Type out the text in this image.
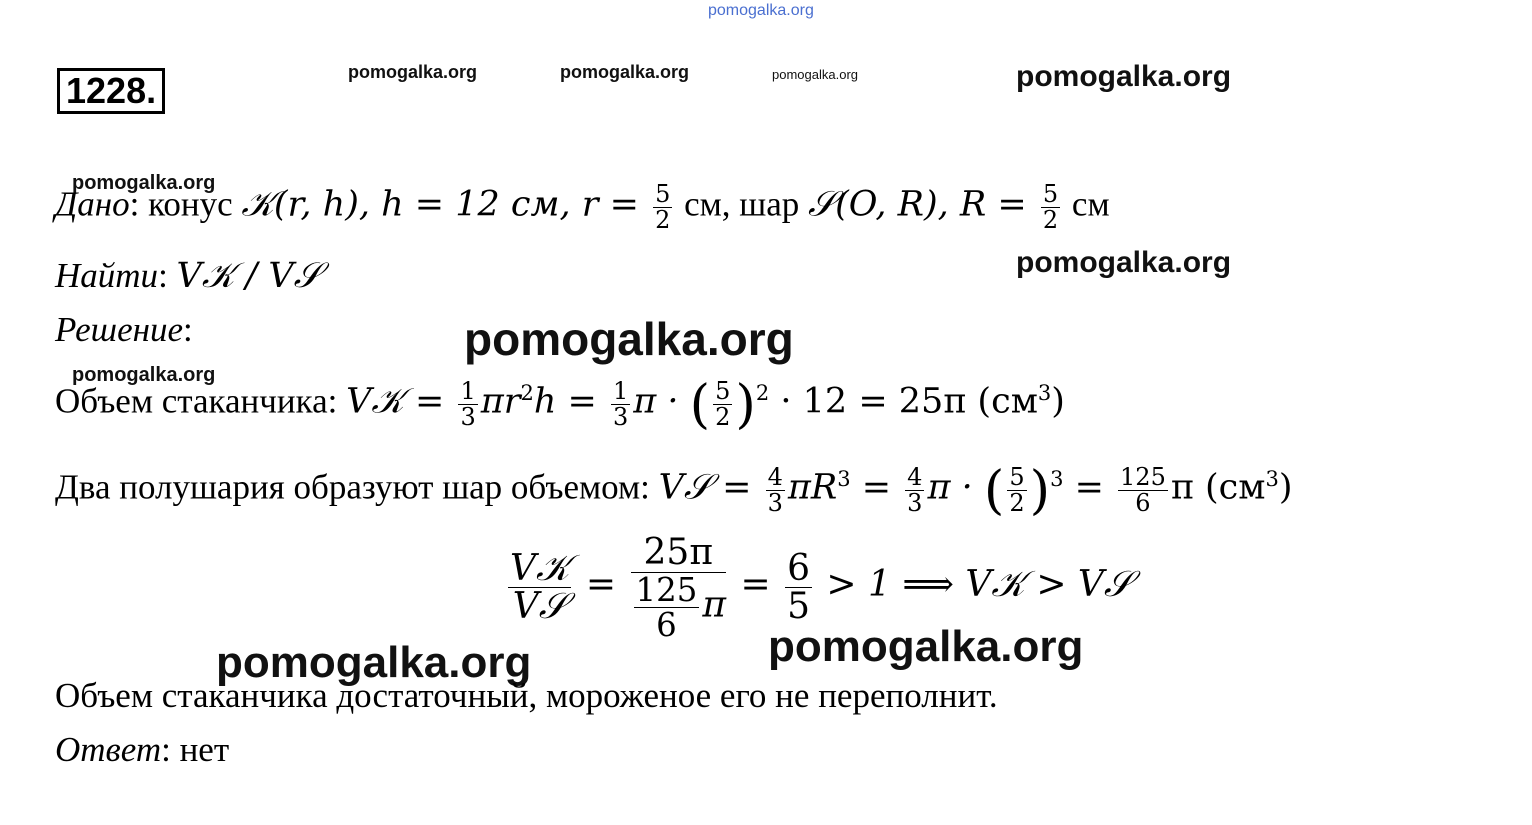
pomogalka.org
pomogalka.org	pomogalka.org	pomogalka.org	pomogalka.org
pomogalka.org
pomogalka.org
pomogalka.org
pomogalka.org
pomogalka.org	pomogalka.org
1228.
Дано: конус 𝒦(r, h), h = 12 см, $r = \frac{5}{2}$ см, шар 𝒮(O, R), $R = \frac{5}{2}$ см
Найти: V𝒦 / V𝒮
Решение:
Объем стаканчика: V𝒦 = $\frac{1}{3} \pi r^2h = \frac{1}{3}$ π · ( $\frac{5}{2} )^2 \cdot 12 = 25\pi$ $(см^3)$
Два полушария образуют шар объемом: V𝒮 = $\frac{4}{3} \pi R^3 = \frac{4}{3}$ π · ( $\frac{5}{2} )^3 = \frac{125}{6}$ π $(см^3)$
$\frac{\text{V𝒦}}{\text{V𝒮}} = \frac{25\pi}{\frac{125}{6} \pi} = \frac{6}{5} > 1$ ⟹ V𝒦 > V𝒮
Объем стаканчика достаточный, мороженое его не переполнит.
Ответ: нет
